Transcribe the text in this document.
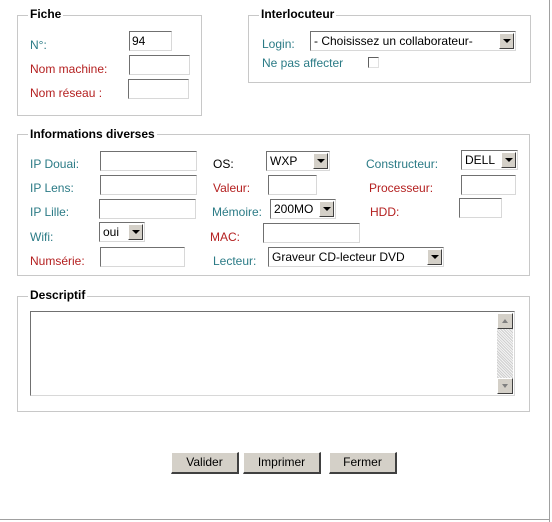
Fiche
N°:	94
Nom machine:
Nom réseau :
Interlocuteur
Login: - Choisissez un collaborateur-
Ne pas affecter
Informations diverses
IP Douai:
IP Lens:
IP Lille:
Wifi:	oui
Numsérie:
OS:	WXP
Valeur:
Mémoire: 200MO
MAC:
Lecteur: Graveur CD-lecteur DVD
Constructeur: DELL
Processeur:
HDD:
Descriptif
Valider	Imprimer	Fermer
